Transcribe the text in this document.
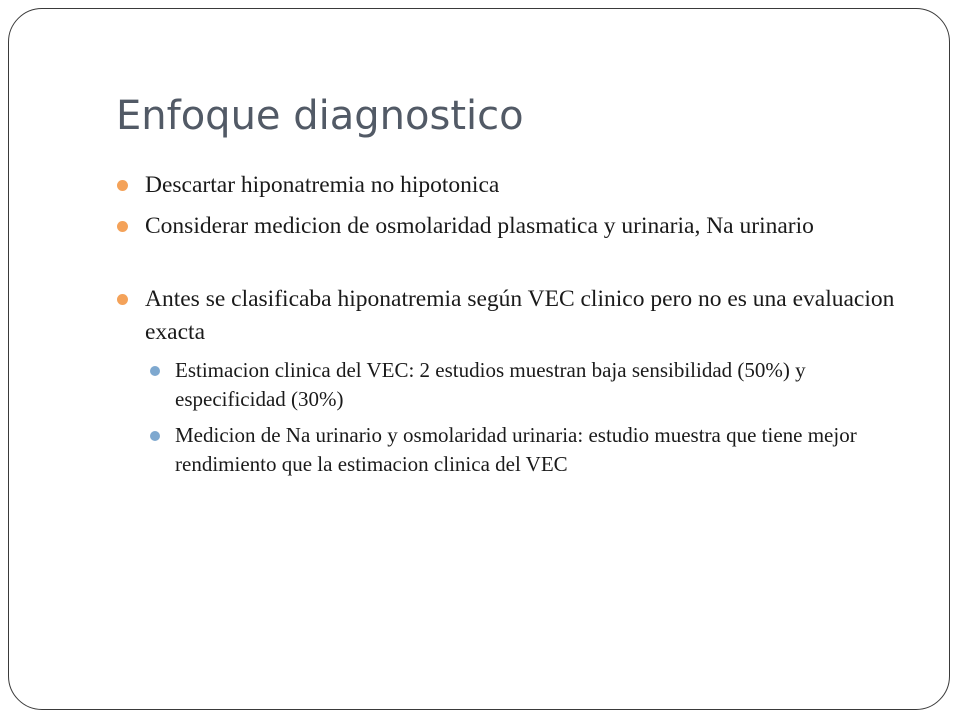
Enfoque diagnostico
Descartar hiponatremia no hipotonica
Considerar medicion de osmolaridad plasmatica y urinaria, Na urinario
Antes se clasificaba hiponatremia según VEC clinico pero no es una evaluacion exacta
Estimacion clinica del VEC: 2 estudios muestran baja sensibilidad (50%) y especificidad (30%)
Medicion de Na urinario y osmolaridad urinaria: estudio muestra que tiene mejor rendimiento que la estimacion clinica del VEC
